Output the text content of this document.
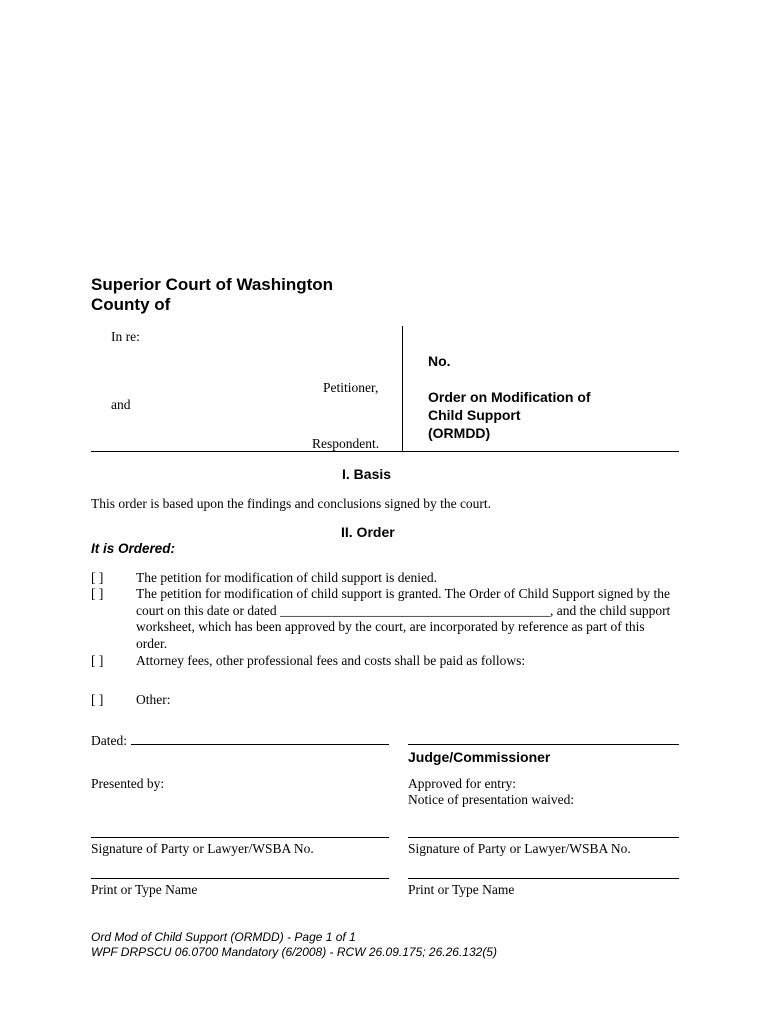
Superior Court of Washington
County of
In re:
Petitioner,
and
Respondent.
No.
Order on Modification of
Child Support
(ORMDD)
I. Basis
This order is based upon the findings and conclusions signed by the court.
II. Order
It is Ordered:
[ ] The petition for modification of child support is denied.
[ ] The petition for modification of child support is granted. The Order of Child Support signed by the
court on this date or dated ________________________________________, and the child support
worksheet, which has been approved by the court, are incorporated by reference as part of this
order.
[ ] Attorney fees, other professional fees and costs shall be paid as follows:
[ ] Other:
Dated:
Judge/Commissioner
Presented by:	Approved for entry:
Notice of presentation waived:
Signature of Party or Lawyer/WSBA No.	Signature of Party or Lawyer/WSBA No.
Print or Type Name	Print or Type Name
Ord Mod of Child Support (ORMDD) - Page 1 of 1
WPF DRPSCU 06.0700 Mandatory (6/2008) - RCW 26.09.175; 26.26.132(5)
